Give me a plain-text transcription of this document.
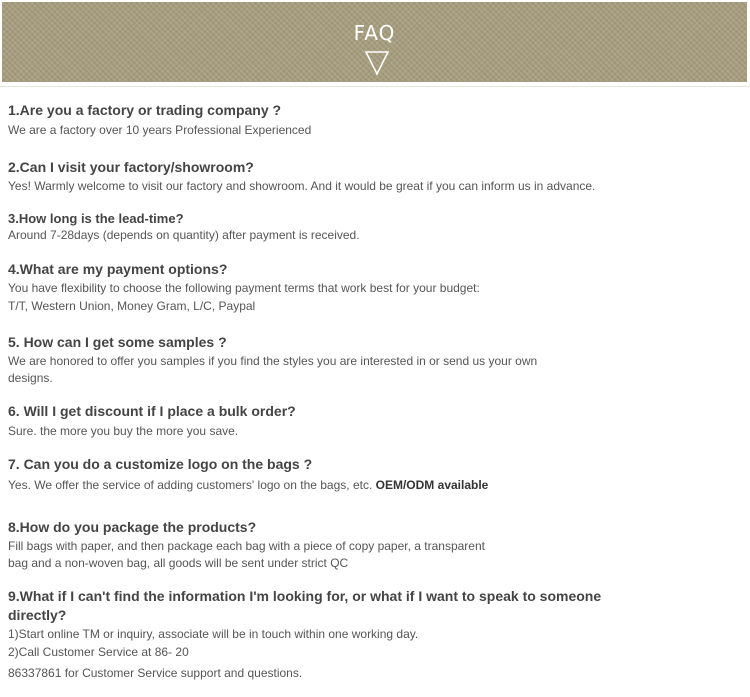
FAQ

1.Are you a factory or trading company ?

We are a factory over 10 years Professional Experienced

2.Can I visit your factory/showroom?

Yes! Warmly welcome to visit our factory and showroom. And it would be great if you can inform us in advance.

3.How long is the lead-time?

Around 7-28days (depends on quantity) after payment is received.

4.What are my payment options?

You have flexibility to choose the following payment terms that work best for your budget:

T/T, Western Union, Money Gram, L/C, Paypal

5. How can I get some samples ?

We are honored to offer you samples if you find the styles you are interested in or send us your own

designs.

6. Will I get discount if I place a bulk order?

Sure. the more you buy the more you save.

7. Can you do a customize logo on the bags ?

Yes. We offer the service of adding customers' logo on the bags, etc. OEM/ODM available

8.How do you package the products?

Fill bags with paper, and then package each bag with a piece of copy paper, a transparent

bag and a non-woven bag, all goods will be sent under strict QC

9.What if I can't find the information I'm looking for, or what if I want to speak to someone

directly?

1)Start online TM or inquiry, associate will be in touch within one working day.

2)Call Customer Service at 86- 20

86337861 for Customer Service support and questions.
